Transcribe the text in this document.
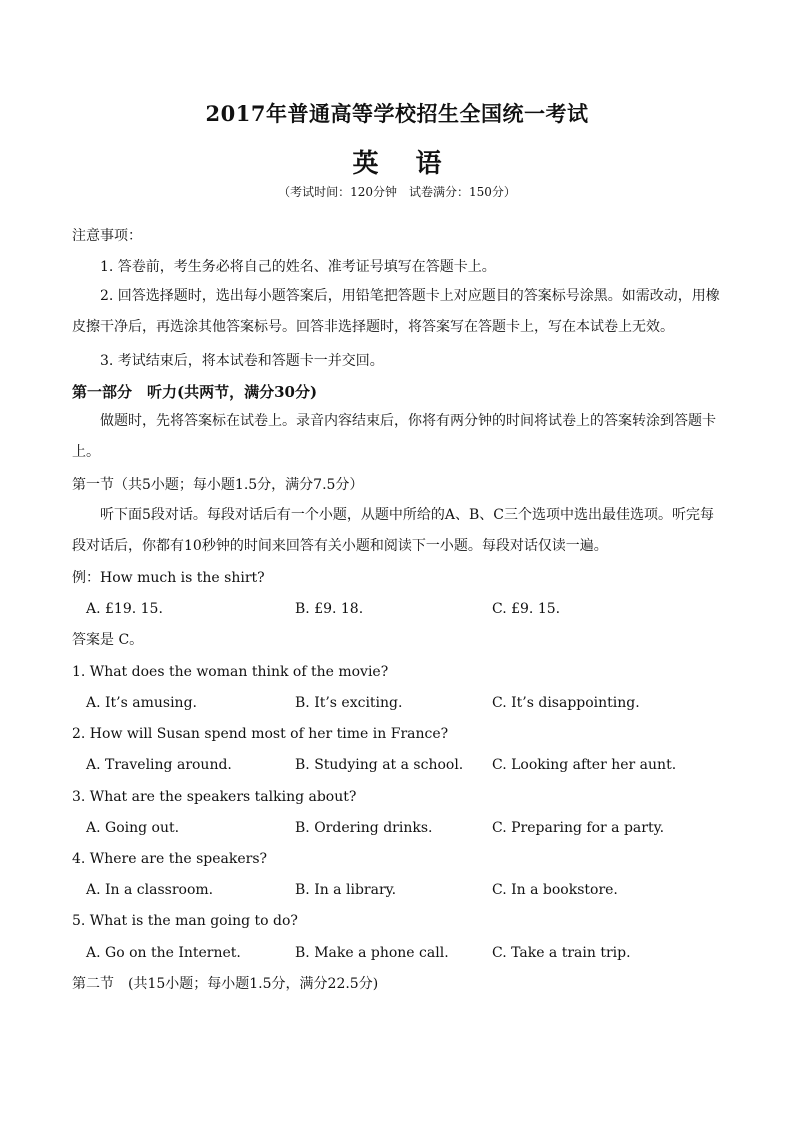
2017年普通高等学校招生全国统一考试
英 语
（考试时间：120分钟　试卷满分：150分）
注意事项：
1. 答卷前，考生务必将自己的姓名、准考证号填写在答题卡上。
2. 回答选择题时，选出每小题答案后，用铅笔把答题卡上对应题目的答案标号涂黑。如需改动，用橡皮擦干净后，再选涂其他答案标号。回答非选择题时，将答案写在答题卡上，写在本试卷上无效。
3. 考试结束后，将本试卷和答题卡一并交回。
第一部分　听力(共两节，满分30分)
做题时，先将答案标在试卷上。录音内容结束后，你将有两分钟的时间将试卷上的答案转涂到答题卡上。
第一节（共5小题；每小题1.5分，满分7.5分）
听下面5段对话。每段对话后有一个小题，从题中所给的A、B、C三个选项中选出最佳选项。听完每段对话后，你都有10秒钟的时间来回答有关小题和阅读下一小题。每段对话仅读一遍。
例：How much is the shirt?
A. £19. 15.	B. £9. 18.	C. £9. 15.
答案是 C。
1. What does the woman think of the movie?
A. It’s amusing.	B. It’s exciting.	C. It’s disappointing.
2. How will Susan spend most of her time in France?
A. Traveling around.	B. Studying at a school. C. Looking after her aunt.
3. What are the speakers talking about?
A. Going out.	B. Ordering drinks.	C. Preparing for a party.
4. Where are the speakers?
A. In a classroom.	B. In a library.	C. In a bookstore.
5. What is the man going to do?
A. Go on the Internet.	B. Make a phone call.	C. Take a train trip.
第二节　(共15小题；每小题1.5分，满分22.5分)
